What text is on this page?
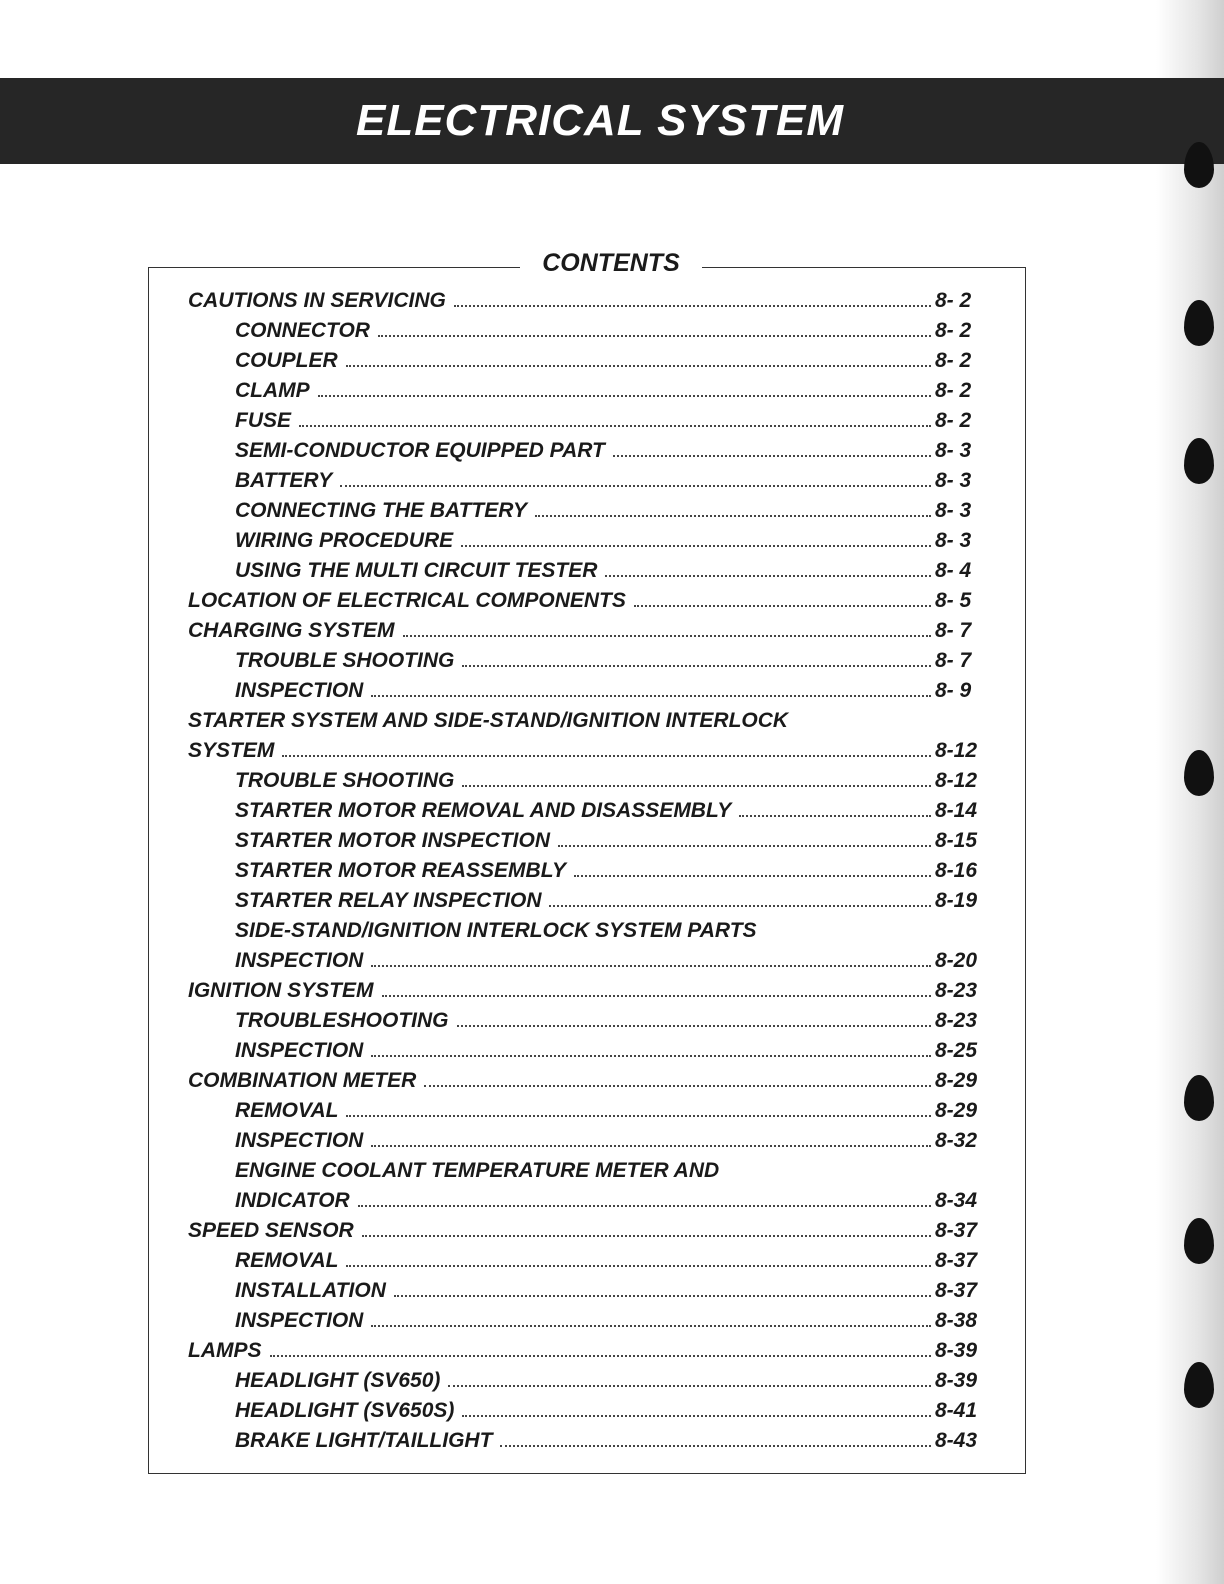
ELECTRICAL SYSTEM
CONTENTS
CAUTIONS IN SERVICING	8- 2
CONNECTOR	8- 2
COUPLER	8- 2
CLAMP	8- 2
FUSE	8- 2
SEMI-CONDUCTOR EQUIPPED PART	8- 3
BATTERY	8- 3
CONNECTING THE BATTERY	8- 3
WIRING PROCEDURE	8- 3
USING THE MULTI CIRCUIT TESTER	8- 4
LOCATION OF ELECTRICAL COMPONENTS	8- 5
CHARGING SYSTEM	8- 7
TROUBLE SHOOTING	8- 7
INSPECTION	8- 9
STARTER SYSTEM AND SIDE-STAND/IGNITION INTERLOCK
SYSTEM	8-12
TROUBLE SHOOTING	8-12
STARTER MOTOR REMOVAL AND DISASSEMBLY	8-14
STARTER MOTOR INSPECTION	8-15
STARTER MOTOR REASSEMBLY	8-16
STARTER RELAY INSPECTION	8-19
SIDE-STAND/IGNITION INTERLOCK SYSTEM PARTS
INSPECTION	8-20
IGNITION SYSTEM	8-23
TROUBLESHOOTING	8-23
INSPECTION	8-25
COMBINATION METER	8-29
REMOVAL	8-29
INSPECTION	8-32
ENGINE COOLANT TEMPERATURE METER AND
INDICATOR	8-34
SPEED SENSOR	8-37
REMOVAL	8-37
INSTALLATION	8-37
INSPECTION	8-38
LAMPS	8-39
HEADLIGHT (SV650)	8-39
HEADLIGHT (SV650S)	8-41
BRAKE LIGHT/TAILLIGHT	8-43
